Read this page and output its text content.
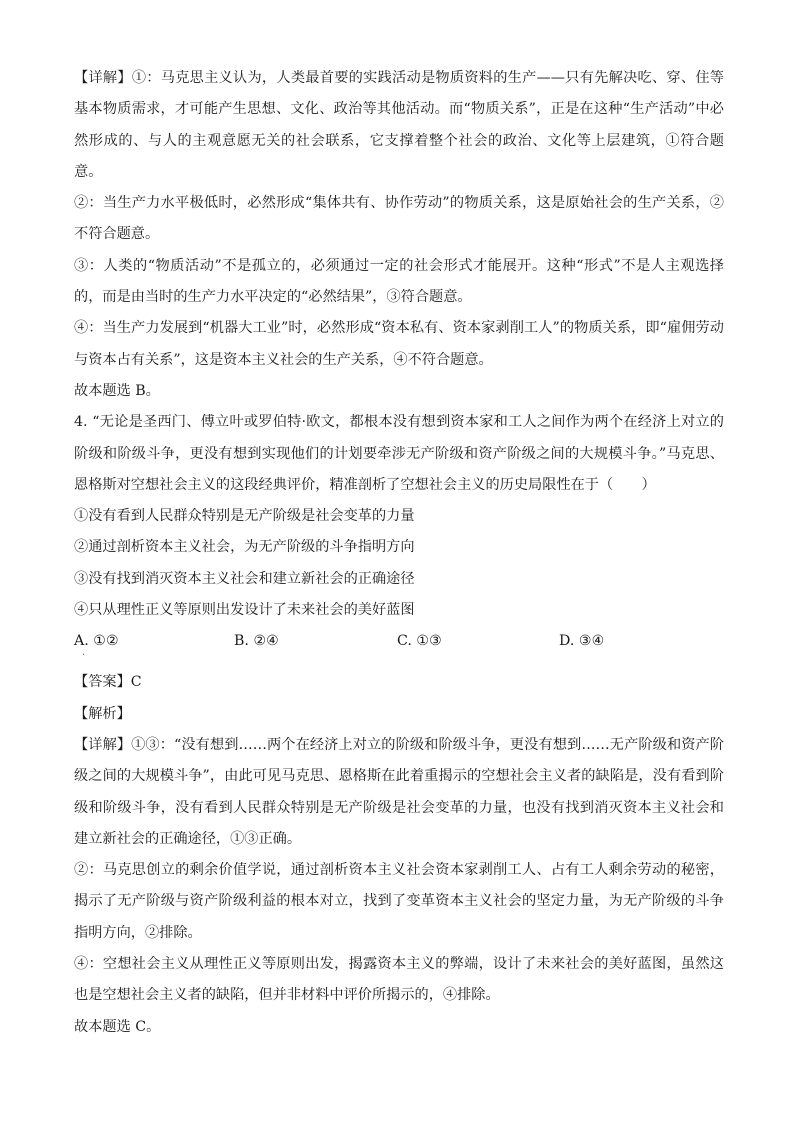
【详解】①：马克思主义认为，人类最首要的实践活动是物质资料的生产——只有先解决吃、穿、住等基本物质需求，才可能产生思想、文化、政治等其他活动。而“物质关系”，正是在这种“生产活动”中必然形成的、与人的主观意愿无关的社会联系，它支撑着整个社会的政治、文化等上层建筑，①符合题意。

②：当生产力水平极低时，必然形成“集体共有、协作劳动”的物质关系，这是原始社会的生产关系，②不符合题意。

③：人类的“物质活动”不是孤立的，必须通过一定的社会形式才能展开。这种“形式”不是人主观选择的，而是由当时的生产力水平决定的“必然结果”，③符合题意。

④：当生产力发展到“机器大工业”时，必然形成“资本私有、资本家剥削工人”的物质关系，即“雇佣劳动与资本占有关系”，这是资本主义社会的生产关系，④不符合题意。

故本题选 B。

4. “无论是圣西门、傅立叶或罗伯特·欧文，都根本没有想到资本家和工人之间作为两个在经济上对立的阶级和阶级斗争，更没有想到实现他们的计划要牵涉无产阶级和资产阶级之间的大规模斗争。”马克思、恩格斯对空想社会主义的这段经典评价，精准剖析了空想社会主义的历史局限性在于（　　）

①没有看到人民群众特别是无产阶级是社会变革的力量

②通过剖析资本主义社会，为无产阶级的斗争指明方向

③没有找到消灭资本主义社会和建立新社会的正确途径

④只从理性正义等原则出发设计了未来社会的美好蓝图

A. ①②	B. ②④	C. ①③	D. ③④
·

【答案】C

【解析】

【详解】①③：“没有想到……两个在经济上对立的阶级和阶级斗争，更没有想到……无产阶级和资产阶级之间的大规模斗争”，由此可见马克思、恩格斯在此着重揭示的空想社会主义者的缺陷是，没有看到阶级和阶级斗争，没有看到人民群众特别是无产阶级是社会变革的力量，也没有找到消灭资本主义社会和建立新社会的正确途径，①③正确。

②：马克思创立的剩余价值学说，通过剖析资本主义社会资本家剥削工人、占有工人剩余劳动的秘密，揭示了无产阶级与资产阶级利益的根本对立，找到了变革资本主义社会的坚定力量，为无产阶级的斗争指明方向，②排除。

④：空想社会主义从理性正义等原则出发，揭露资本主义的弊端，设计了未来社会的美好蓝图，虽然这也是空想社会主义者的缺陷，但并非材料中评价所揭示的，④排除。

故本题选 C。
